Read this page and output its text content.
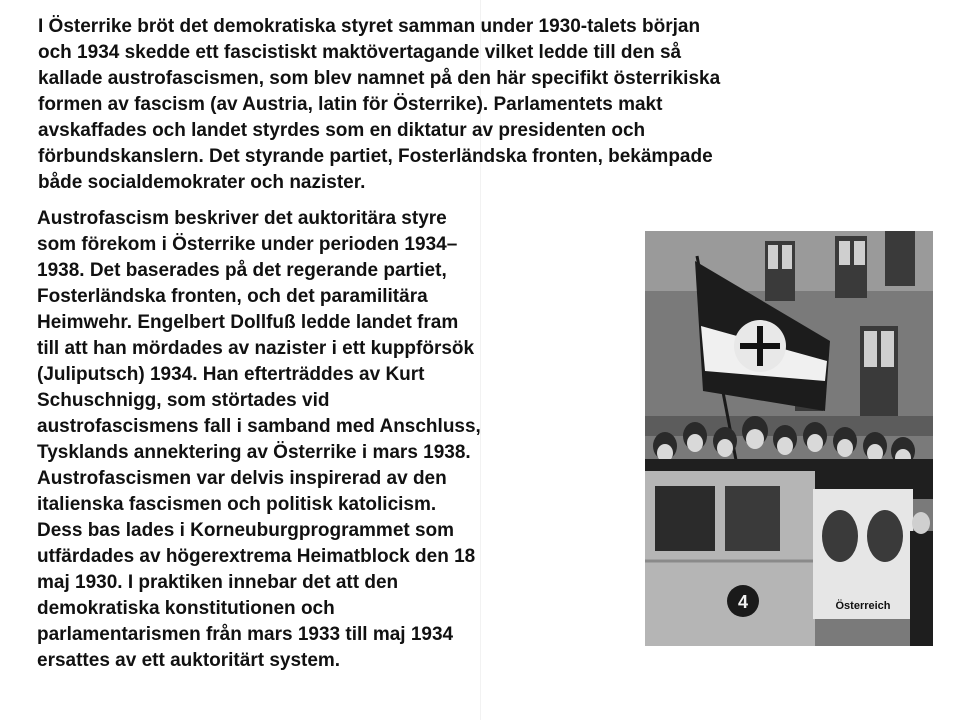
I Österrike bröt det demokratiska styret samman under 1930-talets början
och 1934 skedde ett fascistiskt maktövertagande vilket ledde till den så
kallade austrofascismen, som blev namnet på den här specifikt österrikiska
formen av fascism (av Austria, latin för Österrike). Parlamentets makt
avskaffades och landet styrdes som en diktatur av presidenten och
förbundskanslern. Det styrande partiet, Fosterländska fronten, bekämpade
både socialdemokrater och nazister.

Austrofascism beskriver det auktoritära styre
som förekom i Österrike under perioden 1934–
1938. Det baserades på det regerande partiet,
Fosterländska fronten, och det paramilitära
Heimwehr. Engelbert Dollfuß ledde landet fram
till att han mördades av nazister i ett kuppförsök
(Juliputsch) 1934. Han efterträddes av Kurt
Schuschnigg, som störtades vid
austrofascismens fall i samband med Anschluss,
Tysklands annektering av Österrike i mars 1938.
Austrofascismen var delvis inspirerad av den
italienska fascismen och politisk katolicism.
Dess bas lades i Korneuburgprogrammet som
utfärdades av högerextrema Heimatblock den 18
maj 1930. I praktiken innebar det att den
demokratiska konstitutionen och
parlamentarismen från mars 1933 till maj 1934
ersattes av ett auktoritärt system.

4	Österreich
